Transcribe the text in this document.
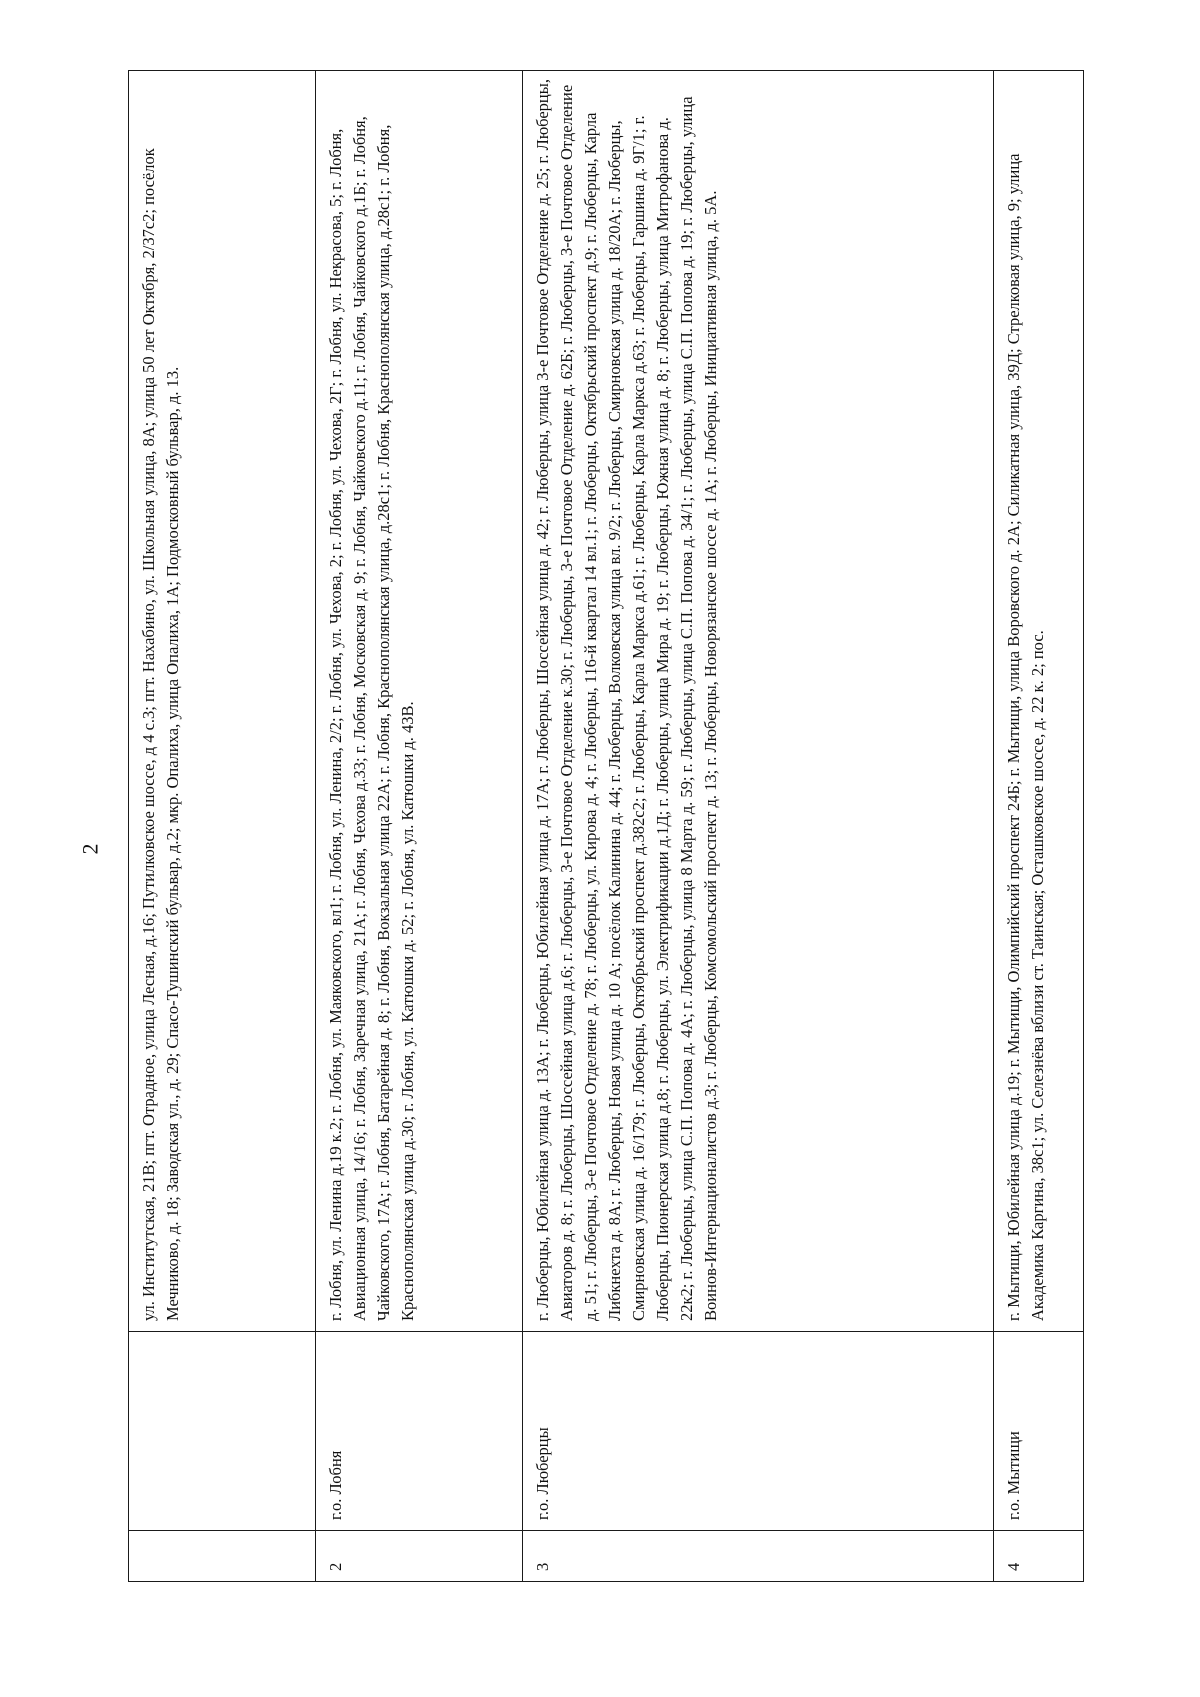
2
		ул. Институтская, 21В; пгт. Отрадное, улица Лесная, д.16; Путилковское шоссе, д 4 с.3; пгт. Нахабино, ул. Школьная улица, 8А; улица 50 лет Октября, 2/37с2; посёлок Мечниково, д. 18; Заводская ул., д. 29; Спасо-Тушинский бульвар, д.2; мкр. Опалиха, улица Опалиха, 1А; Подмосковный бульвар, д. 13.
2	г.о. Лобня	г. Лобня, ул. Ленина д.19 к.2; г. Лобня, ул. Маяковского, вл1; г. Лобня, ул. Ленина, 2/2; г. Лобня, ул. Чехова, 2; г. Лобня, ул. Чехова, 2Г; г. Лобня, ул. Некрасова, 5; г. Лобня, Авиационная улица, 14/16; г. Лобня, Заречная улица, 21А; г. Лобня, Чехова д.33; г. Лобня, Московская д. 9; г. Лобня, Чайковского д.11; г. Лобня, Чайковского д.1Б; г. Лобня, Чайковского, 17А; г. Лобня, Батарейная д. 8; г. Лобня, Вокзальная улица 22А; г. Лобня, Краснополянская улица, д.28с1; г. Лобня, Краснополянская улица, д.28с1; г. Лобня, Краснополянская улица д.30; г. Лобня, ул. Катюшки д. 52; г. Лобня, ул. Катюшки д. 43В.
3	г.о. Люберцы	г. Люберцы, Юбилейная улица д. 13А; г. Люберцы, Юбилейная улица д. 17А; г. Люберцы, Шоссейная улица д. 42; г. Люберцы, улица 3-е Почтовое Отделение д. 25; г. Люберцы, Авиаторов д. 8; г. Люберцы, Шоссейная улица д.6; г. Люберцы, 3-е Почтовое Отделение к.30; г. Люберцы, 3-е Почтовое Отделение д. 62Б; г. Люберцы, 3-е Почтовое Отделение д. 51; г. Люберцы, 3-е Почтовое Отделение д. 78; г. Люберцы, ул. Кирова д. 4; г. Люберцы, 116-й квартал 14 вл.1; г. Люберцы, Октябрьский проспект д.9; г. Люберцы, Карла Либкнехта д. 8А; г. Люберцы, Новая улица д. 10 А; посёлок Калинина д. 44; г. Люберцы, Волковская улица вл. 9/2; г. Люберцы, Смирновская улица д. 18/20А; г. Люберцы, Смирновская улица д. 16/179; г. Люберцы, Октябрьский проспект д.382с2; г. Люберцы, Карла Маркса д.61; г. Люберцы, Карла Маркса д.63; г. Люберцы, Гаршина д. 9Г/1; г. Люберцы, Пионерская улица д.8; г. Люберцы, ул. Электрификации д.1Д; г. Люберцы, улица Мира д. 19; г. Люберцы, Южная улица д. 8; г. Люберцы, улица Митрофанова д. 22к2; г. Люберцы, улица С.П. Попова д. 4А; г. Люберцы, улица 8 Марта д. 59; г. Люберцы, улица С.П. Попова д. 34/1; г. Люберцы, улица С.П. Попова д. 19; г. Люберцы, улица Воинов-Интернационалистов д.3; г. Люберцы, Комсомольский проспект д. 13; г. Люберцы, Новорязанское шоссе д. 1А; г. Люберцы, Инициативная улица, д. 5А.
4	г.о. Мытищи	г. Мытищи, Юбилейная улица д.19; г. Мытищи, Олимпийский проспект 24Б; г. Мытищи, улица Воровского д. 2А; Силикатная улица, 39Д; Стрелковая улица, 9; улица Академика Каргина, 38с1; ул. Селезнёва вблизи ст. Таинская; Осташковское шоссе, д. 22 к. 2; пос.
